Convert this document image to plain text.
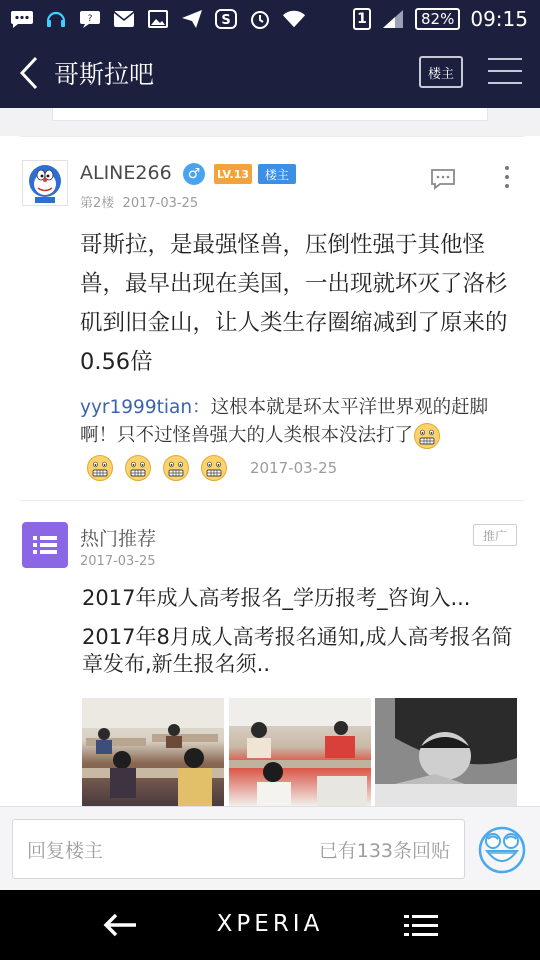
?	S	1	82% 09:15
哥斯拉吧	楼主
ALINE266	♂	LV.13	楼主
第2楼 2017-03-25
哥斯拉，是最强怪兽，压倒性强于其他怪兽，最早出现在美国，一出现就坏灭了洛杉矶到旧金山，让人类生存圈缩减到了原来的0.56倍
yyr1999tian：这根本就是环太平洋世界观的赶脚啊！只不过怪兽强大的人类根本没法打了
2017-03-25
热门推荐
2017-03-25
推广
2017年成人高考报名_学历报考_咨询入...
2017年8月成人高考报名通知,成人高考报名简章发布,新生报名须..
回复楼主	已有133条回贴
XPERIA
